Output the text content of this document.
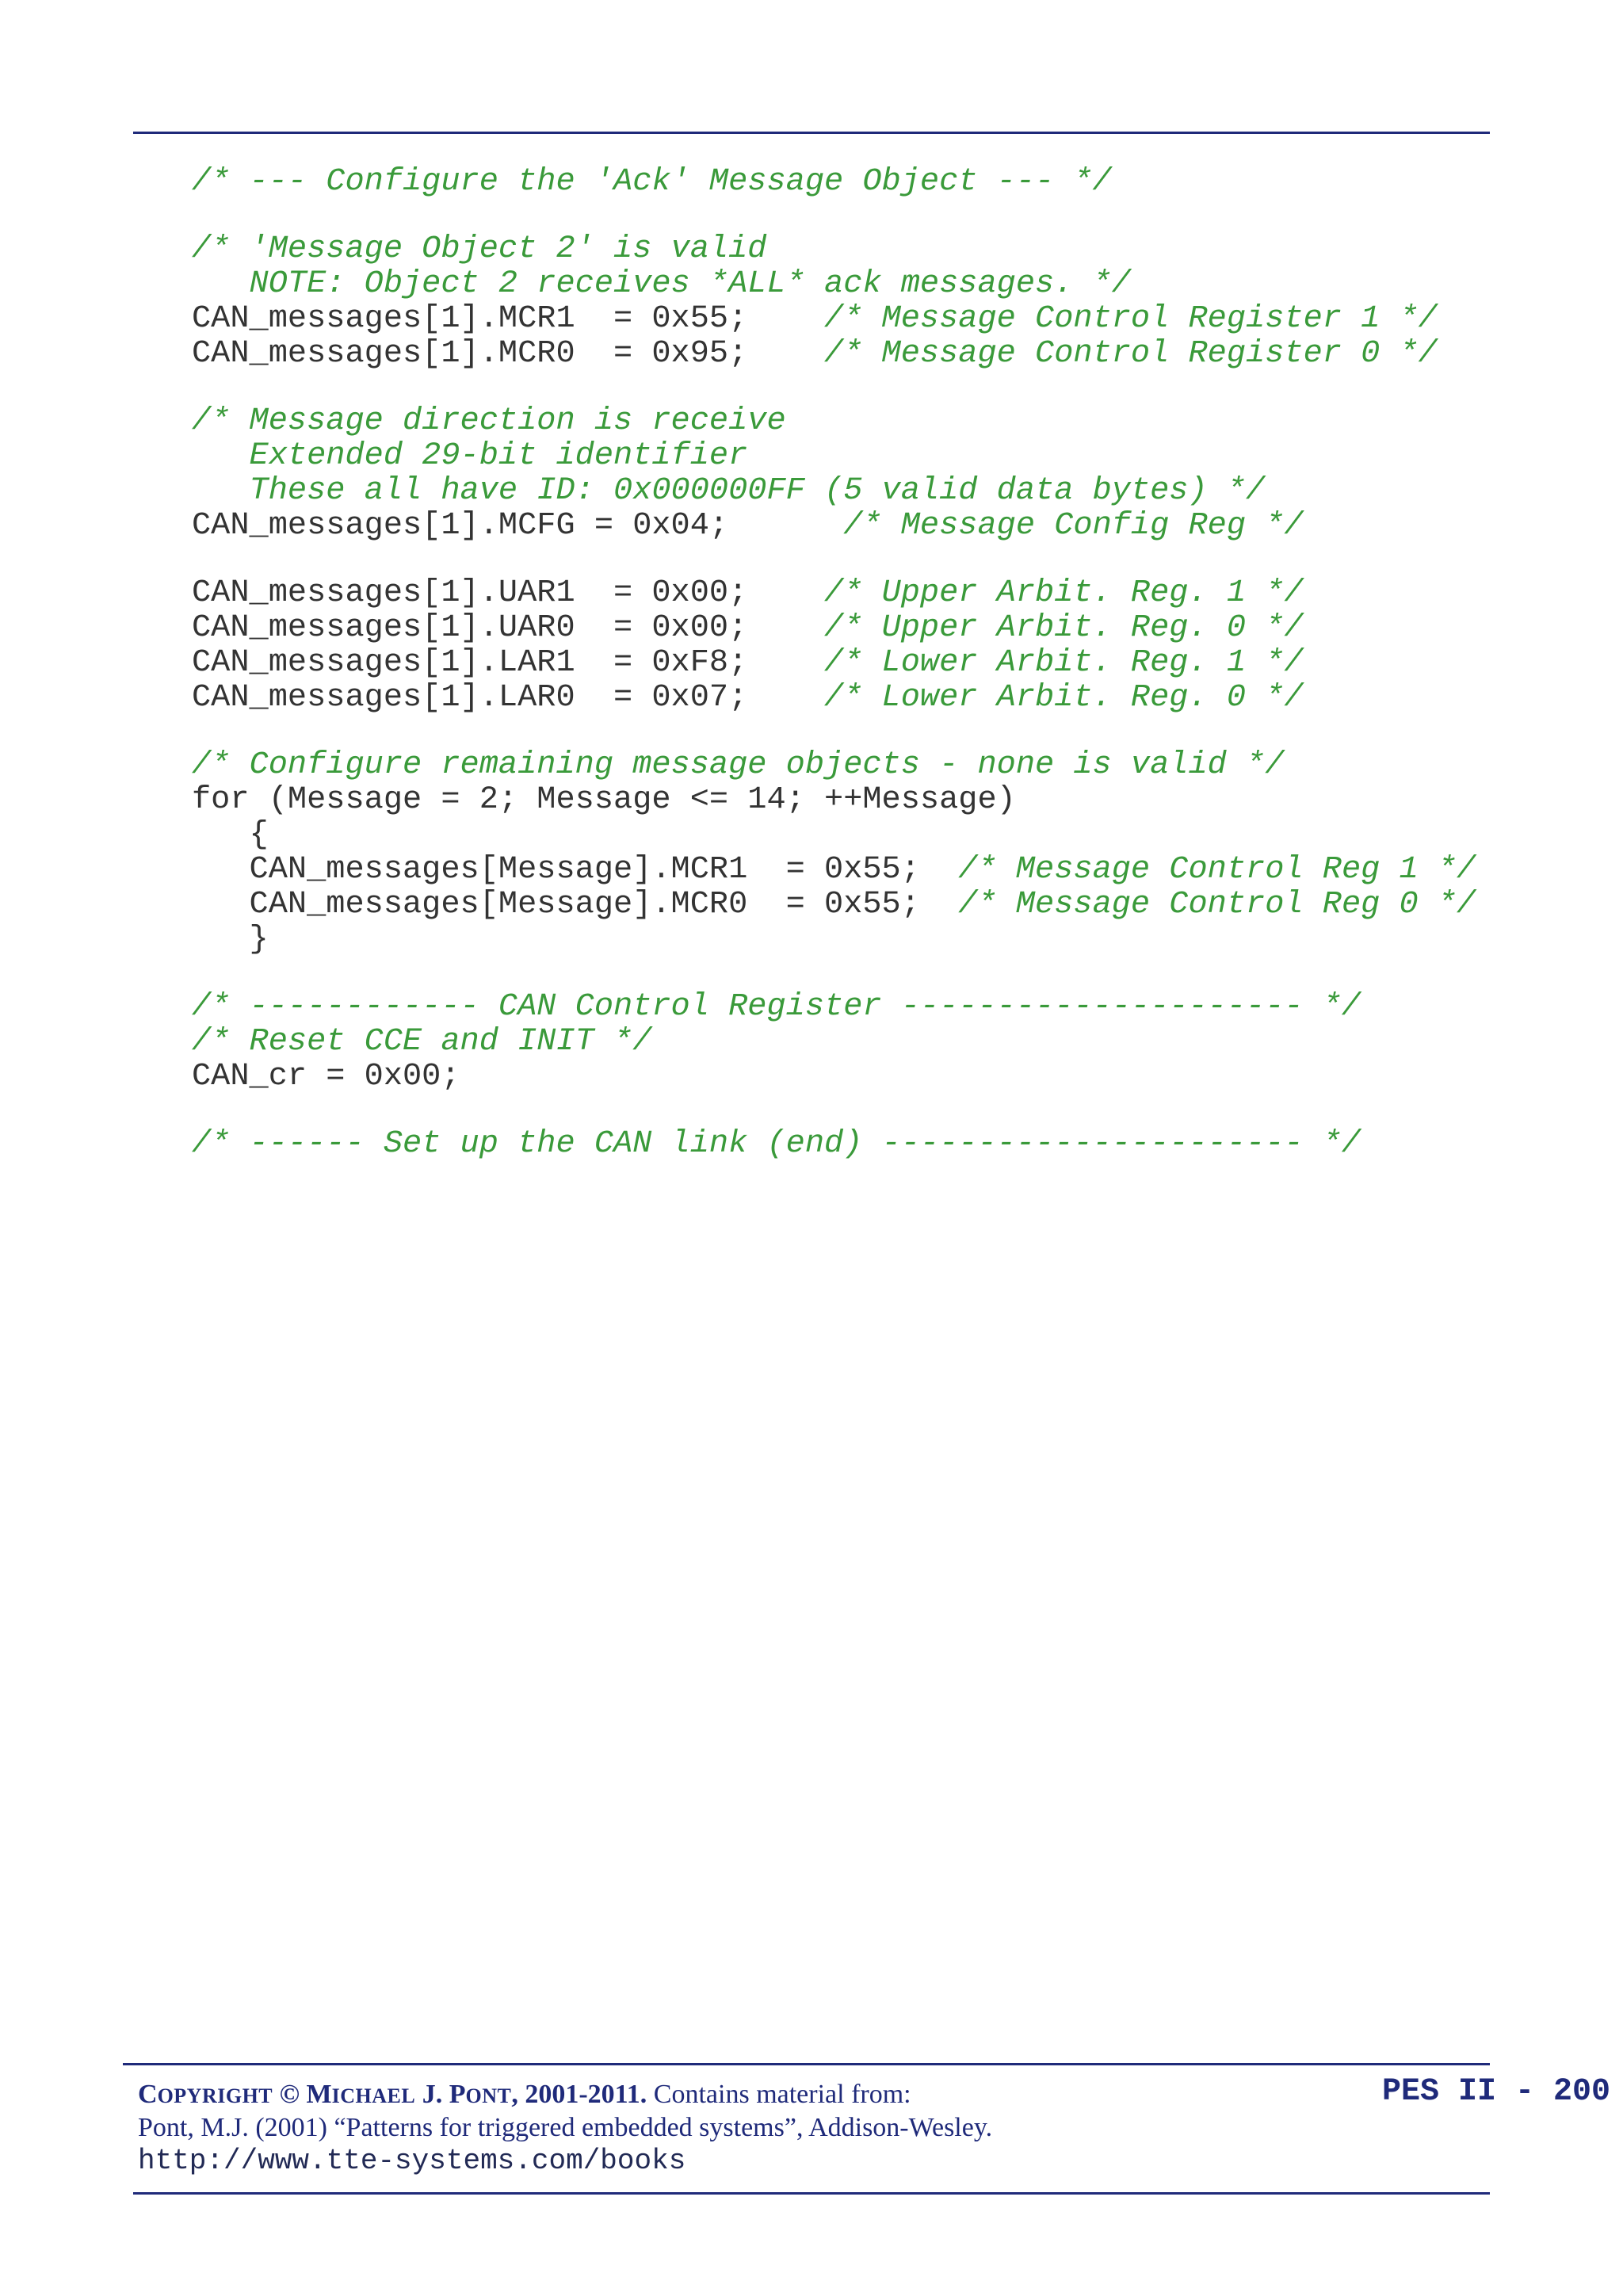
/* --- Configure the 'Ack' Message Object --- */
/* 'Message Object 2' is valid
NOTE: Object 2 receives *ALL* ack messages. */
CAN_messages[1].MCR1  = 0x55;    /* Message Control Register 1 */
CAN_messages[1].MCR0  = 0x95;    /* Message Control Register 0 */
/* Message direction is receive
Extended 29-bit identifier
These all have ID: 0x000000FF (5 valid data bytes) */
CAN_messages[1].MCFG = 0x04;      /* Message Config Reg */
CAN_messages[1].UAR1  = 0x00;    /* Upper Arbit. Reg. 1 */
CAN_messages[1].UAR0  = 0x00;    /* Upper Arbit. Reg. 0 */
CAN_messages[1].LAR1  = 0xF8;    /* Lower Arbit. Reg. 1 */
CAN_messages[1].LAR0  = 0x07;    /* Lower Arbit. Reg. 0 */
/* Configure remaining message objects - none is valid */
for (Message = 2; Message <= 14; ++Message)
{
CAN_messages[Message].MCR1  = 0x55;  /* Message Control Reg 1 */
CAN_messages[Message].MCR0  = 0x55;  /* Message Control Reg 0 */
}
/* ------------ CAN Control Register --------------------- */
/* Reset CCE and INIT */
CAN_cr = 0x00;
/* ------ Set up the CAN link (end) ---------------------- */
COPYRIGHT © MICHAEL J. PONT, 2001-2011. Contains material from:
Pont, M.J. (2001) “Patterns for triggered embedded systems”, Addison-Wesley.
http://www.tte-systems.com/books
PES II - 200
